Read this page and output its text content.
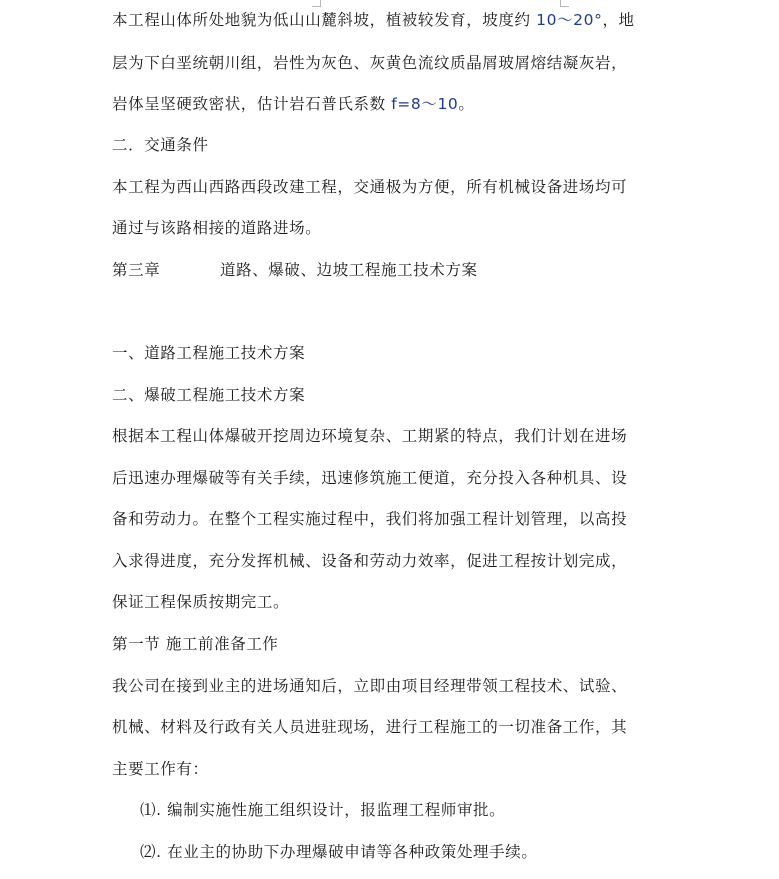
本工程山体所处地貌为低山山麓斜坡，植被较发育，坡度约 10～20°，地
层为下白垩统朝川组，岩性为灰色、灰黄色流纹质晶屑玻屑熔结凝灰岩，
岩体呈坚硬致密状，估计岩石普氏系数 f=8～10。
二．交通条件
本工程为西山西路西段改建工程，交通极为方便，所有机械设备进场均可
通过与该路相接的道路进场。
第三章	道路、爆破、边坡工程施工技术方案
一、道路工程施工技术方案
二、爆破工程施工技术方案
根据本工程山体爆破开挖周边环境复杂、工期紧的特点，我们计划在进场
后迅速办理爆破等有关手续，迅速修筑施工便道，充分投入各种机具、设
备和劳动力。在整个工程实施过程中，我们将加强工程计划管理，以高投
入求得进度，充分发挥机械、设备和劳动力效率，促进工程按计划完成，
保证工程保质按期完工。
第一节 施工前准备工作
我公司在接到业主的进场通知后，立即由项目经理带领工程技术、试验、
机械、材料及行政有关人员进驻现场，进行工程施工的一切准备工作，其
主要工作有：
⑴. 编制实施性施工组织设计，报监理工程师审批。
⑵. 在业主的协助下办理爆破申请等各种政策处理手续。
